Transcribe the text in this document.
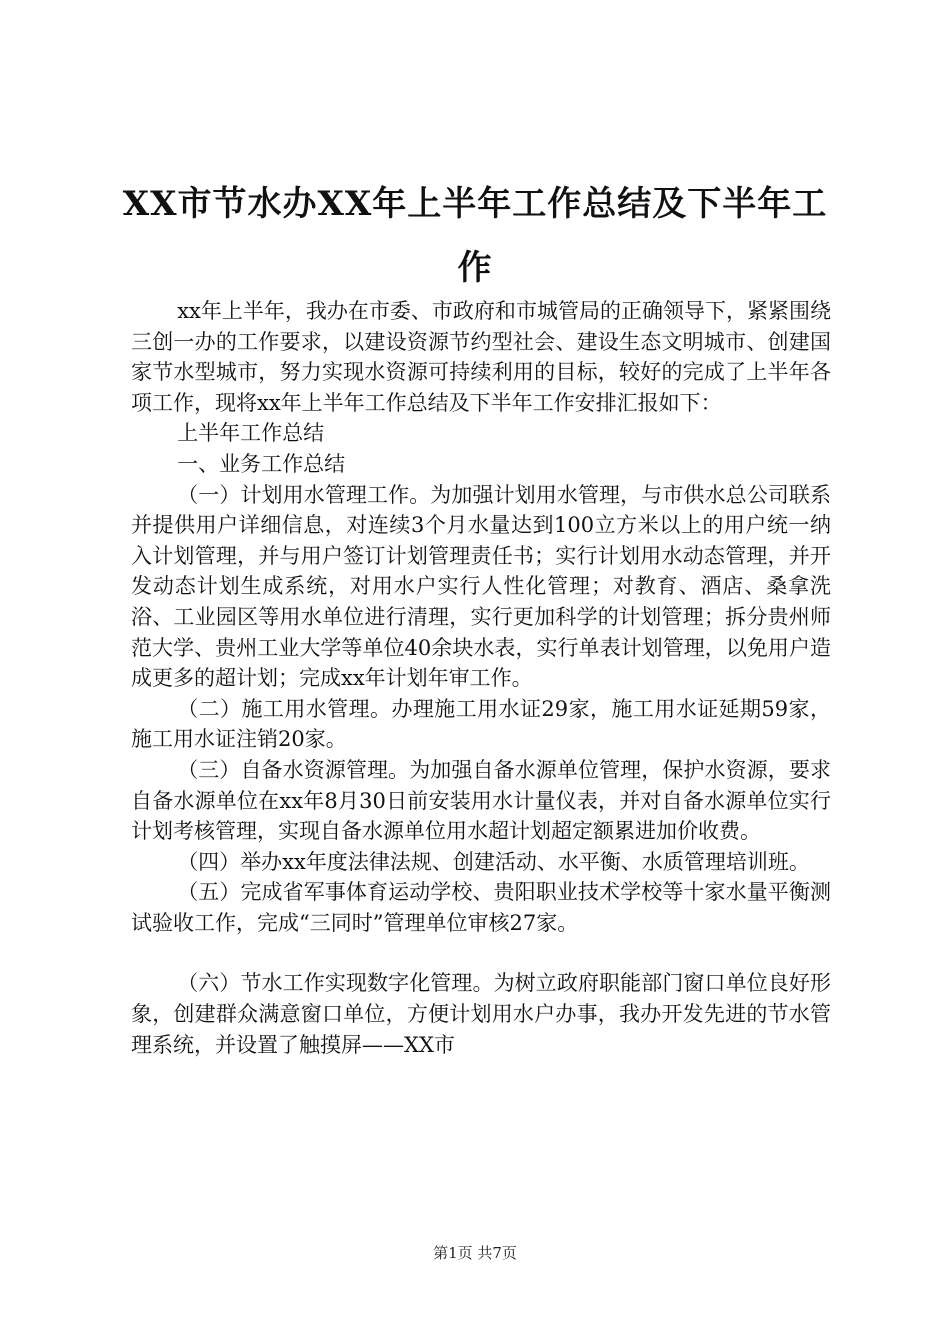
XX市节水办XX年上半年工作总结及下半年工作

xx年上半年，我办在市委、市政府和市城管局的正确领导下，紧紧围绕三创一办的工作要求，以建设资源节约型社会、建设生态文明城市、创建国家节水型城市，努力实现水资源可持续利用的目标，较好的完成了上半年各项工作，现将xx年上半年工作总结及下半年工作安排汇报如下：

上半年工作总结

一、业务工作总结

（一）计划用水管理工作。为加强计划用水管理，与市供水总公司联系并提供用户详细信息，对连续3个月水量达到100立方米以上的用户统一纳入计划管理，并与用户签订计划管理责任书；实行计划用水动态管理，并开发动态计划生成系统，对用水户实行人性化管理；对教育、酒店、桑拿洗浴、工业园区等用水单位进行清理，实行更加科学的计划管理；拆分贵州师范大学、贵州工业大学等单位40余块水表，实行单表计划管理，以免用户造成更多的超计划；完成xx年计划年审工作。

（二）施工用水管理。办理施工用水证29家，施工用水证延期59家，施工用水证注销20家。

（三）自备水资源管理。为加强自备水源单位管理，保护水资源，要求自备水源单位在xx年8月30日前安装用水计量仪表，并对自备水源单位实行计划考核管理，实现自备水源单位用水超计划超定额累进加价收费。

（四）举办xx年度法律法规、创建活动、水平衡、水质管理培训班。

（五）完成省军事体育运动学校、贵阳职业技术学校等十家水量平衡测试验收工作，完成“三同时”管理单位审核27家。

（六）节水工作实现数字化管理。为树立政府职能部门窗口单位良好形象，创建群众满意窗口单位，方便计划用水户办事，我办开发先进的节水管理系统，并设置了触摸屏——XX市

第1页 共7页
